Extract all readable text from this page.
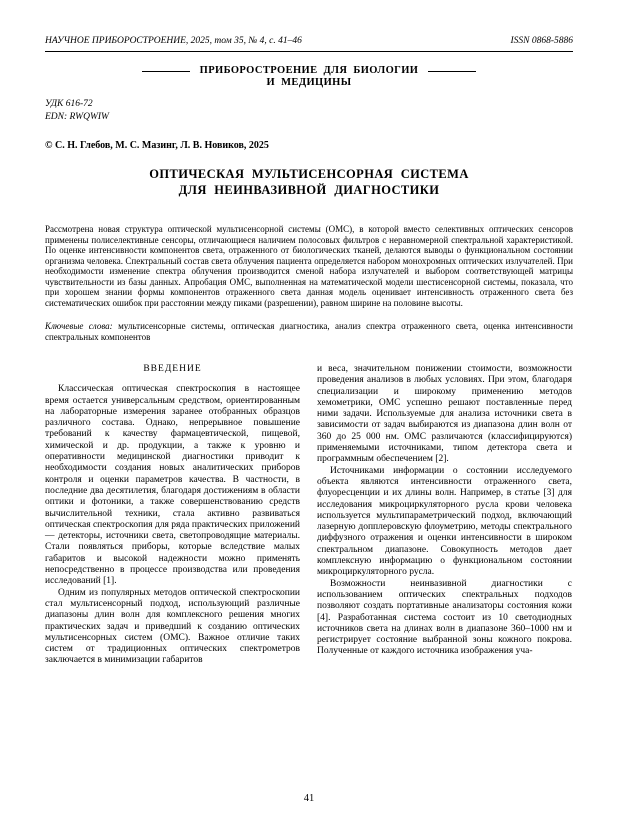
НАУЧНОЕ ПРИБОРОСТРОЕНИЕ, 2025, том 35, № 4, c. 41–46	ISSN 0868-5886
ПРИБОРОСТРОЕНИЕ ДЛЯ БИОЛОГИИ
И МЕДИЦИНЫ
УДК 616-72
EDN: RWQWIW
© С. Н. Глебов, М. С. Мазинг, Л. В. Новиков, 2025
ОПТИЧЕСКАЯ МУЛЬТИСЕНСОРНАЯ СИСТЕМА
ДЛЯ НЕИНВАЗИВНОЙ ДИАГНОСТИКИ
Рассмотрена новая структура оптической мультисенсорной системы (ОМС), в которой вместо селективных оптических сенсоров применены полиселективные сенсоры, отличающиеся наличием полосовых фильтров с неравномерной спектральной характеристикой. По оценке интенсивности компонентов света, отраженного от биологических тканей, делаются выводы о функциональном состоянии организма человека. Спектральный состав света облучения пациента определяется набором монохромных оптических излучателей. При необходимости изменение спектра облучения производится сменой набора излучателей и выбором соответствующей матрицы чувствительности из базы данных. Апробация ОМС, выполненная на математической модели шестисенсорной системы, показала, что при хорошем знании формы компонентов отраженного света данная модель оценивает интенсивность отраженного света без систематических ошибок при расстоянии между пиками (разрешении), равном ширине на половине высоты.
Ключевые слова: мультисенсорные системы, оптическая диагностика, анализ спектра отраженного света, оценка интенсивности спектральных компонентов
ВВЕДЕНИЕ

Классическая оптическая спектроскопия в настоящее время остается универсальным средством, ориентированным на лабораторные измерения заранее отобранных образцов различного состава. Однако, непрерывное повышение требований к качеству фармацевтической, пищевой, химической и др. продукции, а также к уровню и оперативности медицинской диагностики приводит к необходимости создания новых аналитических приборов контроля и оценки параметров качества. В частности, в последние два десятилетия, благодаря достижениям в области оптики и фотоники, а также совершенствованию средств вычислительной техники, стала активно развиваться оптическая спектроскопия для ряда практических приложений — детекторы, источники света, светопроводящие материалы. Стали появляться приборы, которые вследствие малых габаритов и высокой надежности можно применять непосредственно в процессе производства или проведения исследований [1].

Одним из популярных методов оптической спектроскопии стал мультисенсорный подход, использующий различные диапазоны длин волн для комплексного решения многих практических задач и приведший к созданию оптических мультисенсорных систем (ОМС). Важное отличие таких систем от традиционных оптических спектрометров заключается в минимизации габаритов

и веса, значительном понижении стоимости, возможности проведения анализов в любых условиях. При этом, благодаря специализации и широкому применению методов хемометрики, ОМС успешно решают поставленные перед ними задачи. Используемые для анализа источники света в зависимости от задач выбираются из диапазона длин волн от 360 до 25 000 нм. ОМС различаются (классифицируются) применяемыми источниками, типом детектора света и программным обеспечением [2].

Источниками информации о состоянии исследуемого объекта являются интенсивности отраженного света, флуоресценции и их длины волн. Например, в статье [3] для исследования микроциркуляторного русла крови человека используется мультипараметрический подход, включающий лазерную допплеровскую флоуметрию, методы спектрального диффузного отражения и оценки интенсивности в широком спектральном диапазоне. Совокупность методов дает комплексную информацию о функциональном состоянии микроциркуляторного русла.

Возможности неинвазивной диагностики с использованием оптических спектральных подходов позволяют создать портативные анализаторы состояния кожи [4]. Разработанная система состоит из 10 светодиодных источников света на длинах волн в диапазоне 360–1000 нм и регистрирует состояние выбранной зоны кожного покрова. Полученные от каждого источника изображения уча-

41
